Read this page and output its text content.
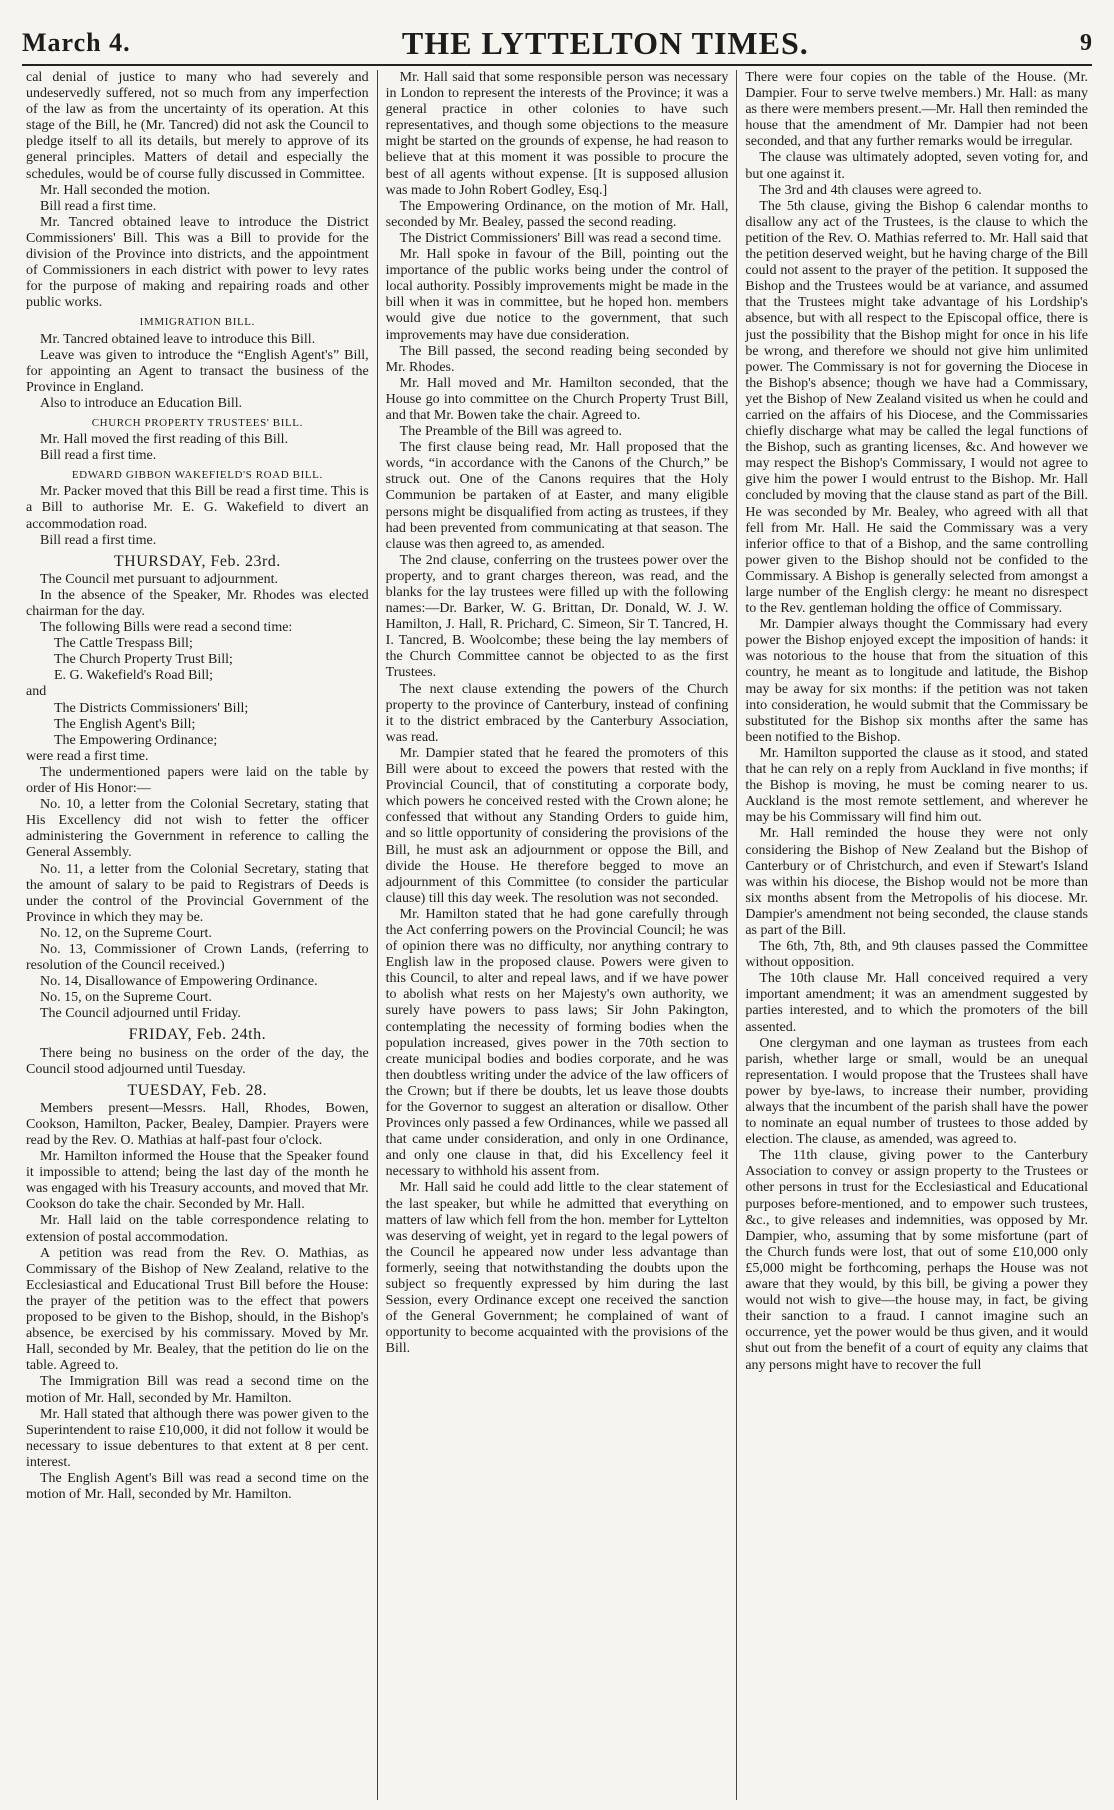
March 4.	THE LYTTELTON TIMES.	9

cal denial of justice to many who had severely and undeservedly suffered, not so much from any imperfection of the law as from the uncertainty of its operation. At this stage of the Bill, he (Mr. Tancred) did not ask the Council to pledge itself to all its details, but merely to approve of its general principles. Matters of detail and especially the schedules, would be of course fully discussed in Committee.

Mr. Hall seconded the motion.

Bill read a first time.

Mr. Tancred obtained leave to introduce the District Commissioners' Bill. This was a Bill to provide for the division of the Province into districts, and the appointment of Commissioners in each district with power to levy rates for the purpose of making and repairing roads and other public works.

IMMIGRATION BILL.

Mr. Tancred obtained leave to introduce this Bill.

Leave was given to introduce the “English Agent's” Bill, for appointing an Agent to transact the business of the Province in England.

Also to introduce an Education Bill.

CHURCH PROPERTY TRUSTEES' BILL.

Mr. Hall moved the first reading of this Bill.

Bill read a first time.

EDWARD GIBBON WAKEFIELD'S ROAD BILL.

Mr. Packer moved that this Bill be read a first time. This is a Bill to authorise Mr. E. G. Wakefield to divert an accommodation road.

Bill read a first time.

THURSDAY, Feb. 23rd.

The Council met pursuant to adjournment.

In the absence of the Speaker, Mr. Rhodes was elected chairman for the day.

The following Bills were read a second time:

The Cattle Trespass Bill;

The Church Property Trust Bill;

E. G. Wakefield's Road Bill;

and

The Districts Commissioners' Bill;

The English Agent's Bill;

The Empowering Ordinance;

were read a first time.

The undermentioned papers were laid on the table by order of His Honor:—

No. 10, a letter from the Colonial Secretary, stating that His Excellency did not wish to fetter the officer administering the Government in reference to calling the General Assembly.

No. 11, a letter from the Colonial Secretary, stating that the amount of salary to be paid to Registrars of Deeds is under the control of the Provincial Government of the Province in which they may be.

No. 12, on the Supreme Court.

No. 13, Commissioner of Crown Lands, (referring to resolution of the Council received.)

No. 14, Disallowance of Empowering Ordinance.

No. 15, on the Supreme Court.

The Council adjourned until Friday.

FRIDAY, Feb. 24th.

There being no business on the order of the day, the Council stood adjourned until Tuesday.

TUESDAY, Feb. 28.

Members present—Messrs. Hall, Rhodes, Bowen, Cookson, Hamilton, Packer, Bealey, Dampier. Prayers were read by the Rev. O. Mathias at half-past four o'clock.

Mr. Hamilton informed the House that the Speaker found it impossible to attend; being the last day of the month he was engaged with his Treasury accounts, and moved that Mr. Cookson do take the chair. Seconded by Mr. Hall.

Mr. Hall laid on the table correspondence relating to extension of postal accommodation.

A petition was read from the Rev. O. Mathias, as Commissary of the Bishop of New Zealand, relative to the Ecclesiastical and Educational Trust Bill before the House: the prayer of the petition was to the effect that powers proposed to be given to the Bishop, should, in the Bishop's absence, be exercised by his commissary. Moved by Mr. Hall, seconded by Mr. Bealey, that the petition do lie on the table. Agreed to.

The Immigration Bill was read a second time on the motion of Mr. Hall, seconded by Mr. Hamilton.

Mr. Hall stated that although there was power given to the Superintendent to raise £10,000, it did not follow it would be necessary to issue debentures to that extent at 8 per cent. interest.

The English Agent's Bill was read a second time on the motion of Mr. Hall, seconded by Mr. Hamilton.

Mr. Hall said that some responsible person was necessary in London to represent the interests of the Province; it was a general practice in other colonies to have such representatives, and though some objections to the measure might be started on the grounds of expense, he had reason to believe that at this moment it was possible to procure the best of all agents without expense. [It is supposed allusion was made to John Robert Godley, Esq.]

The Empowering Ordinance, on the motion of Mr. Hall, seconded by Mr. Bealey, passed the second reading.

The District Commissioners' Bill was read a second time.

Mr. Hall spoke in favour of the Bill, pointing out the importance of the public works being under the control of local authority. Possibly improvements might be made in the bill when it was in committee, but he hoped hon. members would give due notice to the government, that such improvements may have due consideration.

The Bill passed, the second reading being seconded by Mr. Rhodes.

Mr. Hall moved and Mr. Hamilton seconded, that the House go into committee on the Church Property Trust Bill, and that Mr. Bowen take the chair. Agreed to.

The Preamble of the Bill was agreed to.

The first clause being read, Mr. Hall proposed that the words, “in accordance with the Canons of the Church,” be struck out. One of the Canons requires that the Holy Communion be partaken of at Easter, and many eligible persons might be disqualified from acting as trustees, if they had been prevented from communicating at that season. The clause was then agreed to, as amended.

The 2nd clause, conferring on the trustees power over the property, and to grant charges thereon, was read, and the blanks for the lay trustees were filled up with the following names:—Dr. Barker, W. G. Brittan, Dr. Donald, W. J. W. Hamilton, J. Hall, R. Prichard, C. Simeon, Sir T. Tancred, H. I. Tancred, B. Woolcombe; these being the lay members of the Church Committee cannot be objected to as the first Trustees.

The next clause extending the powers of the Church property to the province of Canterbury, instead of confining it to the district embraced by the Canterbury Association, was read.

Mr. Dampier stated that he feared the promoters of this Bill were about to exceed the powers that rested with the Provincial Council, that of constituting a corporate body, which powers he conceived rested with the Crown alone; he confessed that without any Standing Orders to guide him, and so little opportunity of considering the provisions of the Bill, he must ask an adjournment or oppose the Bill, and divide the House. He therefore begged to move an adjournment of this Committee (to consider the particular clause) till this day week. The resolution was not seconded.

Mr. Hamilton stated that he had gone carefully through the Act conferring powers on the Provincial Council; he was of opinion there was no difficulty, nor anything contrary to English law in the proposed clause. Powers were given to this Council, to alter and repeal laws, and if we have power to abolish what rests on her Majesty's own authority, we surely have powers to pass laws; Sir John Pakington, contemplating the necessity of forming bodies when the population increased, gives power in the 70th section to create municipal bodies and bodies corporate, and he was then doubtless writing under the advice of the law officers of the Crown; but if there be doubts, let us leave those doubts for the Governor to suggest an alteration or disallow. Other Provinces only passed a few Ordinances, while we passed all that came under consideration, and only in one Ordinance, and only one clause in that, did his Excellency feel it necessary to withhold his assent from.

Mr. Hall said he could add little to the clear statement of the last speaker, but while he admitted that everything on matters of law which fell from the hon. member for Lyttelton was deserving of weight, yet in regard to the legal powers of the Council he appeared now under less advantage than formerly, seeing that notwithstanding the doubts upon the subject so frequently expressed by him during the last Session, every Ordinance except one received the sanction of the General Government; he complained of want of opportunity to become acquainted with the provisions of the Bill.

There were four copies on the table of the House. (Mr. Dampier. Four to serve twelve members.) Mr. Hall: as many as there were members present.—Mr. Hall then reminded the house that the amendment of Mr. Dampier had not been seconded, and that any further remarks would be irregular.

The clause was ultimately adopted, seven voting for, and but one against it.

The 3rd and 4th clauses were agreed to.

The 5th clause, giving the Bishop 6 calendar months to disallow any act of the Trustees, is the clause to which the petition of the Rev. O. Mathias referred to. Mr. Hall said that the petition deserved weight, but he having charge of the Bill could not assent to the prayer of the petition. It supposed the Bishop and the Trustees would be at variance, and assumed that the Trustees might take advantage of his Lordship's absence, but with all respect to the Episcopal office, there is just the possibility that the Bishop might for once in his life be wrong, and therefore we should not give him unlimited power. The Commissary is not for governing the Diocese in the Bishop's absence; though we have had a Commissary, yet the Bishop of New Zealand visited us when he could and carried on the affairs of his Diocese, and the Commissaries chiefly discharge what may be called the legal functions of the Bishop, such as granting licenses, &c. And however we may respect the Bishop's Commissary, I would not agree to give him the power I would entrust to the Bishop. Mr. Hall concluded by moving that the clause stand as part of the Bill. He was seconded by Mr. Bealey, who agreed with all that fell from Mr. Hall. He said the Commissary was a very inferior office to that of a Bishop, and the same controlling power given to the Bishop should not be confided to the Commissary. A Bishop is generally selected from amongst a large number of the English clergy: he meant no disrespect to the Rev. gentleman holding the office of Commissary.

Mr. Dampier always thought the Commissary had every power the Bishop enjoyed except the imposition of hands: it was notorious to the house that from the situation of this country, he meant as to longitude and latitude, the Bishop may be away for six months: if the petition was not taken into consideration, he would submit that the Commissary be substituted for the Bishop six months after the same has been notified to the Bishop.

Mr. Hamilton supported the clause as it stood, and stated that he can rely on a reply from Auckland in five months; if the Bishop is moving, he must be coming nearer to us. Auckland is the most remote settlement, and wherever he may be his Commissary will find him out.

Mr. Hall reminded the house they were not only considering the Bishop of New Zealand but the Bishop of Canterbury or of Christchurch, and even if Stewart's Island was within his diocese, the Bishop would not be more than six months absent from the Metropolis of his diocese. Mr. Dampier's amendment not being seconded, the clause stands as part of the Bill.

The 6th, 7th, 8th, and 9th clauses passed the Committee without opposition.

The 10th clause Mr. Hall conceived required a very important amendment; it was an amendment suggested by parties interested, and to which the promoters of the bill assented.

One clergyman and one layman as trustees from each parish, whether large or small, would be an unequal representation. I would propose that the Trustees shall have power by bye-laws, to increase their number, providing always that the incumbent of the parish shall have the power to nominate an equal number of trustees to those added by election. The clause, as amended, was agreed to.

The 11th clause, giving power to the Canterbury Association to convey or assign property to the Trustees or other persons in trust for the Ecclesiastical and Educational purposes before-mentioned, and to empower such trustees, &c., to give releases and indemnities, was opposed by Mr. Dampier, who, assuming that by some misfortune (part of the Church funds were lost, that out of some £10,000 only £5,000 might be forthcoming, perhaps the House was not aware that they would, by this bill, be giving a power they would not wish to give—the house may, in fact, be giving their sanction to a fraud. I cannot imagine such an occurrence, yet the power would be thus given, and it would shut out from the benefit of a court of equity any claims that any persons might have to recover the full
